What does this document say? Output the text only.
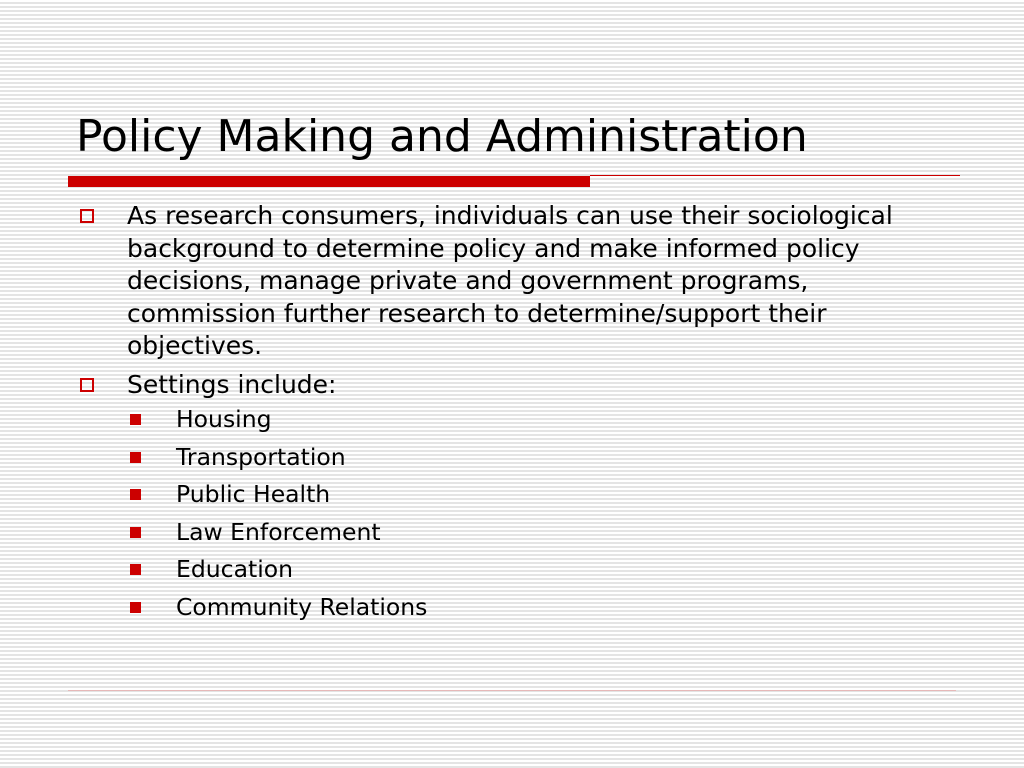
Policy Making and Administration
As research consumers, individuals can use their sociological background to determine policy and make informed policy decisions, manage private and government programs, commission further research to determine/support their objectives.
Settings include:
Housing
Transportation
Public Health
Law Enforcement
Education
Community Relations
